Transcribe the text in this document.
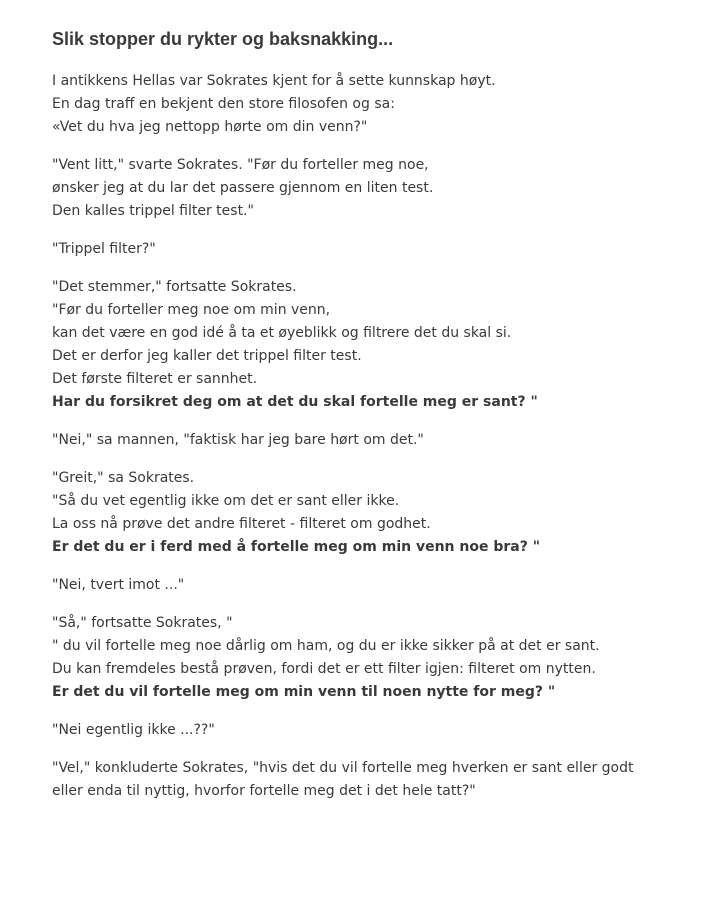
Slik stopper du rykter og baksnakking...
I antikkens Hellas var Sokrates kjent for å sette kunnskap høyt.
En dag traff en bekjent den store filosofen og sa:
«Vet du hva jeg nettopp hørte om din venn?"
"Vent litt," svarte Sokrates. "Før du forteller meg noe,
ønsker jeg at du lar det passere gjennom en liten test.
Den kalles trippel filter test."
"Trippel filter?"
"Det stemmer," fortsatte Sokrates.
"Før du forteller meg noe om min venn,
kan det være en god idé å ta et øyeblikk og filtrere det du skal si.
Det er derfor jeg kaller det trippel filter test.
Det første filteret er sannhet.
Har du forsikret deg om at det du skal fortelle meg er sant? "
"Nei," sa mannen, "faktisk har jeg bare hørt om det."
"Greit," sa Sokrates.
"Så du vet egentlig ikke om det er sant eller ikke.
La oss nå prøve det andre filteret - filteret om godhet.
Er det du er i ferd med å fortelle meg om min venn noe bra? "
"Nei, tvert imot ..."
"Så," fortsatte Sokrates, "
" du vil fortelle meg noe dårlig om ham, og du er ikke sikker på at det er sant.
Du kan fremdeles bestå prøven, fordi det er ett filter igjen: filteret om nytten.
Er det du vil fortelle meg om min venn til noen nytte for meg? "
"Nei egentlig ikke ...??"
"Vel," konkluderte Sokrates, "hvis det du vil fortelle meg hverken er sant eller godt
eller enda til nyttig, hvorfor fortelle meg det i det hele tatt?"
